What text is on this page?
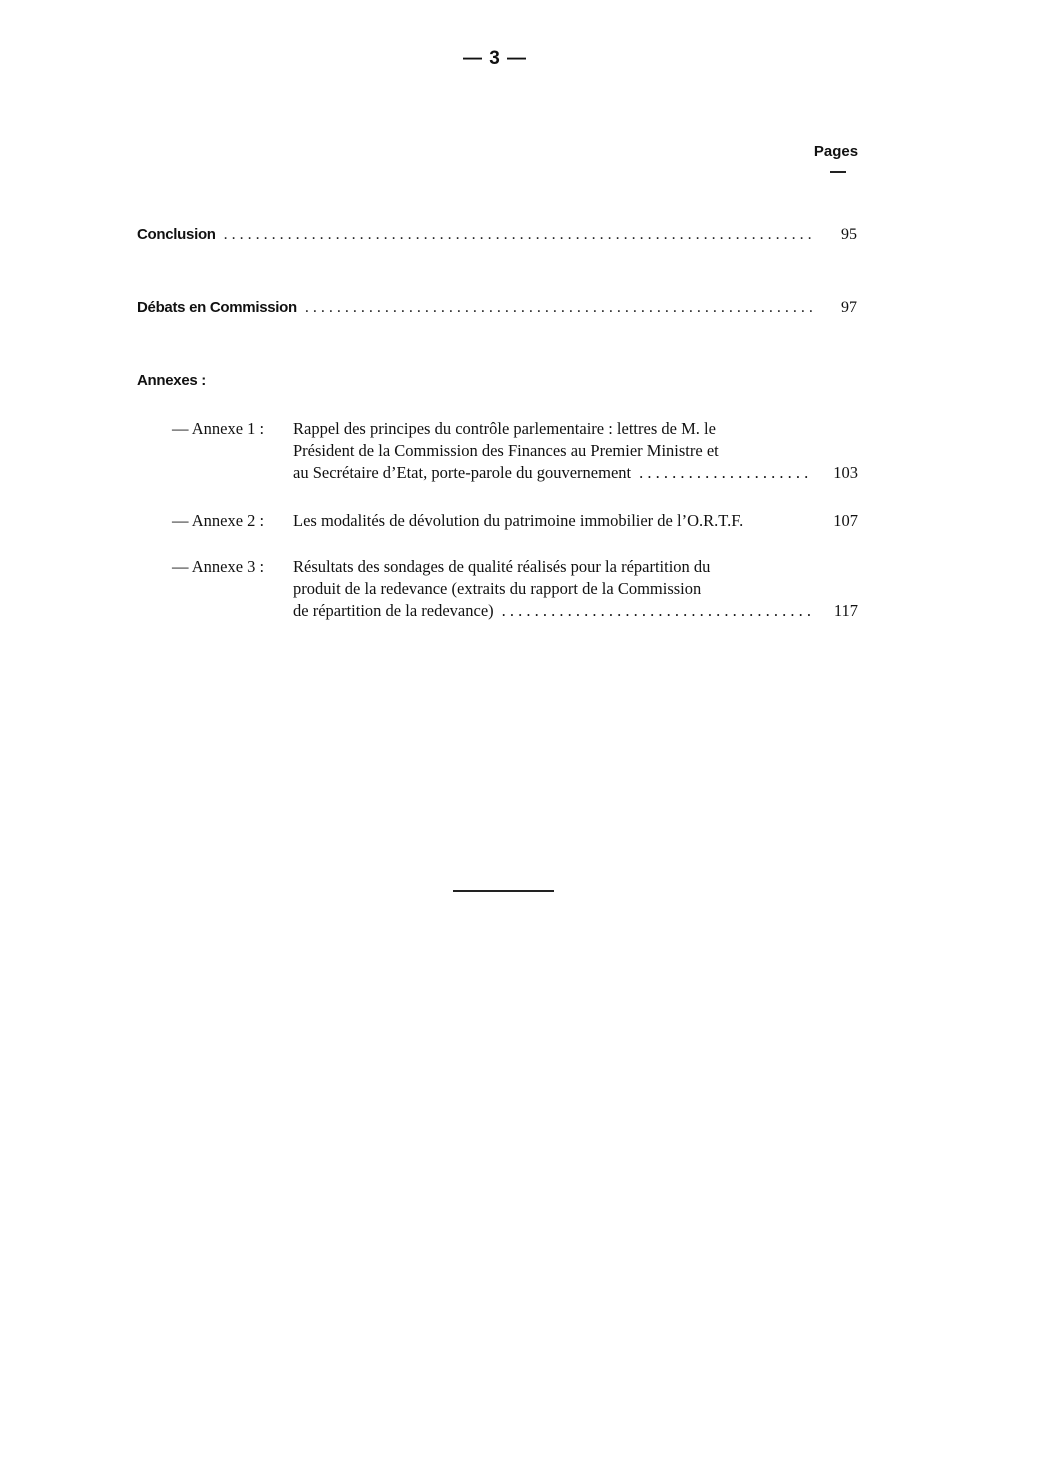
— 3 —
Pages
Conclusion . . .	95
Débats en Commission . . .	97
Annexes :
— Annexe 1 : Rappel des principes du contrôle parlementaire : lettres de M. le
Président de la Commission des Finances au Premier Ministre et
au Secrétaire d’Etat, porte-parole du gouvernement . . .	103
— Annexe 2 : Les modalités de dévolution du patrimoine immobilier de l’O.R.T.F.	107
— Annexe 3 : Résultats des sondages de qualité réalisés pour la répartition du
produit de la redevance (extraits du rapport de la Commission
de répartition de la redevance) . . .	117
